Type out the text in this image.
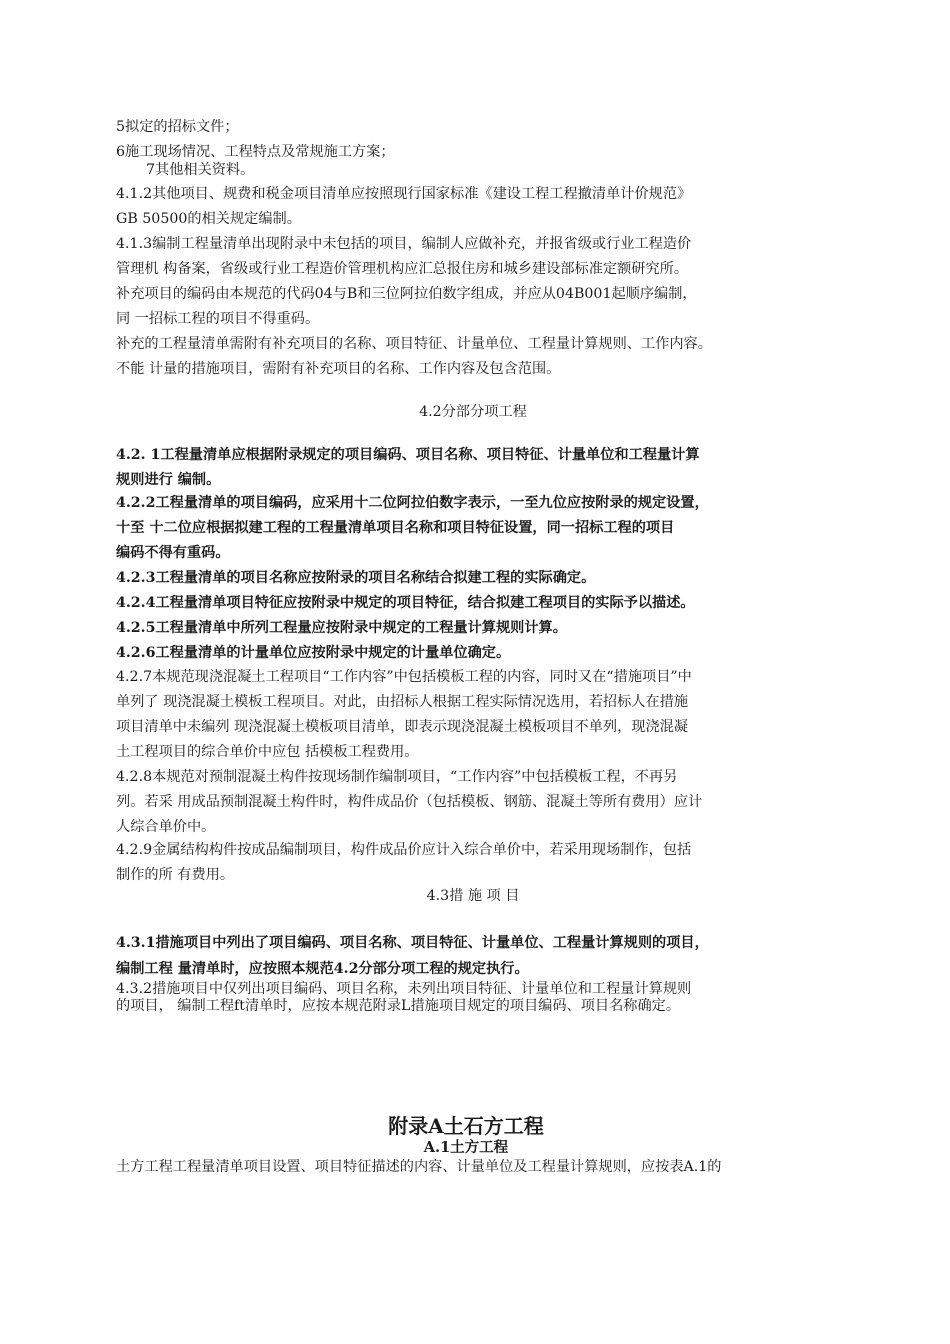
5拟定的招标文件；
6施工现场情况、工程特点及常规施工方案；
7其他相关资料。
4.1.2其他项目、规费和税金项目清单应按照现行国家标准《建设工程工程撤清单计价规范》
GB 50500的相关规定编制。
4.1.3编制工程量清单出现附录中未包括的项目，编制人应做补充，并报省级或行业工程造价
管理机 构备案，省级或行业工程造价管理机构应汇总报住房和城乡建设部标准定额研究所。
补充项目的编码由本规范的代码04与B和三位阿拉伯数字组成，并应从04B001起顺序编制，
同 一招标工程的项目不得重码。
补充的工程量清单需附有补充项目的名称、项目特征、计量单位、工程量计算规则、工作内容。
不能 计量的措施项目，需附有补充项目的名称、工作内容及包含范围。
4.2分部分项工程
4.2. 1工程量清单应根据附录规定的项目编码、项目名称、项目特征、计量单位和工程量计算
规则进行 编制。
4.2.2工程量清单的项目编码，应采用十二位阿拉伯数字表示，一至九位应按附录的规定设置，
十至 十二位应根据拟建工程的工程量清单项目名称和项目特征设置，同一招标工程的项目
编码不得有重码。
4.2.3工程量清单的项目名称应按附录的项目名称结合拟建工程的实际确定。
4.2.4工程量清单项目特征应按附录中规定的项目特征，结合拟建工程项目的实际予以描述。
4.2.5工程量清单中所列工程量应按附录中规定的工程量计算规则计算。
4.2.6工程量清单的计量单位应按附录中规定的计量单位确定。
4.2.7本规范现浇混凝土工程项目“工作内容”中包括模板工程的内容，同时又在“措施项目”中
单列了 现浇混凝土模板工程项目。对此，由招标人根据工程实际情况选用，若招标人在措施
项目清单中未编列 现浇混凝土模板项目清单，即表示现浇混凝土模板项目不单列，现浇混凝
土工程项目的综合单价中应包 括模板工程费用。
4.2.8本规范对预制混凝土构件按现场制作编制项目，“工作内容”中包括模板工程，不再另
列。若采 用成品预制混凝土构件时，构件成品价（包括模板、钢筋、混凝土等所有费用）应计
人综合单价中。
4.2.9金属结构构件按成品编制项目，构件成品价应计入综合单价中，若采用现场制作，包括
制作的所 有费用。
4.3措 施 项 目
4.3.1措施项目中列出了项目编码、项目名称、项目特征、计量单位、工程量计算规则的项目，
编制工程 量清单时，应按照本规范4.2分部分项工程的规定执行。
4.3.2措施项目中仅列出项目编码、项目名称，未列出项目特征、计量单位和工程量计算规则
的项目， 编制工程ft清单时，应按本规范附录L措施项目规定的项目编码、项目名称确定。
附录A土石方工程
A.1土方工程
土方工程工程量清单项目设置、项目特征描述的内容、计量单位及工程量计算规则，应按表A.1的
